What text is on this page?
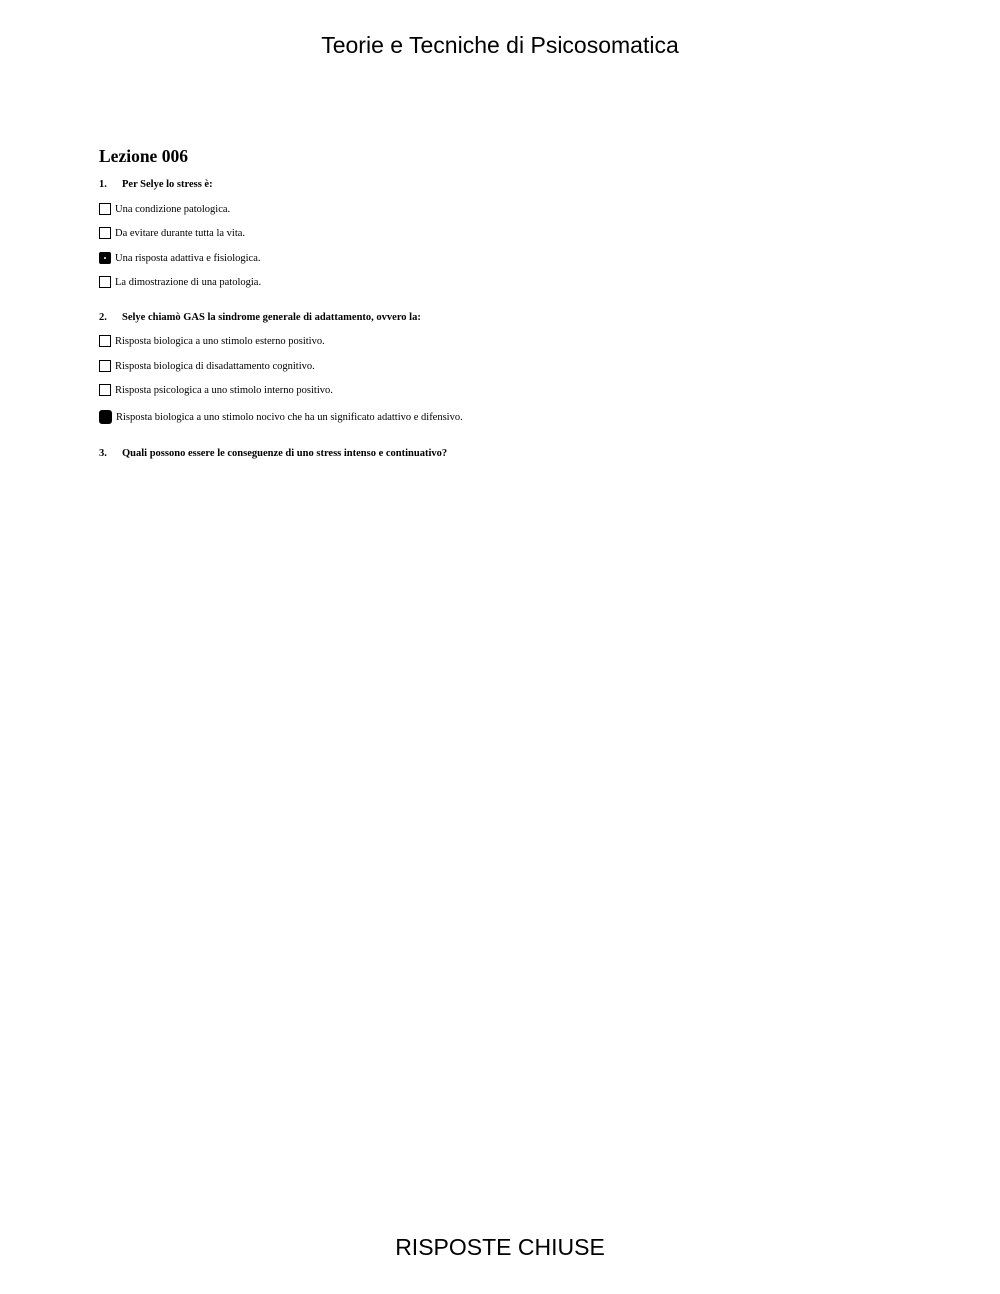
Teorie e Tecniche di Psicosomatica
Lezione 006
1. Per Selye lo stress è:
Una condizione patologica.
Da evitare durante tutta la vita.
Una risposta adattiva e fisiologica.
La dimostrazione di una patologia.
2. Selye chiamò GAS la sindrome generale di adattamento, ovvero la:
Risposta biologica a uno stimolo esterno positivo.
Risposta biologica di disadattamento cognitivo.
Risposta psicologica a uno stimolo interno positivo.
Risposta biologica a uno stimolo nocivo che ha un significato adattivo e difensivo.
3. Quali possono essere le conseguenze di uno stress intenso e continuativo?
RISPOSTE CHIUSE
